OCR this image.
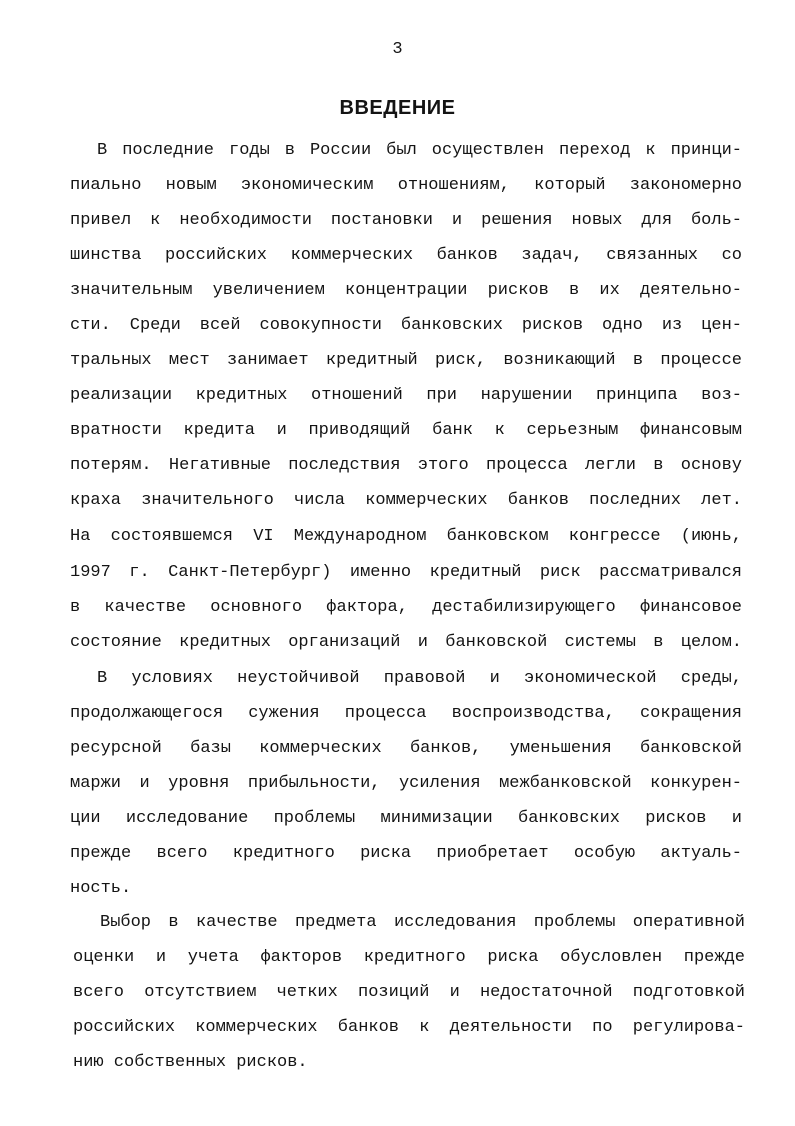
3
ВВЕДЕНИЕ
В последние годы в России был осуществлен переход к принци-
пиально новым экономическим отношениям, который закономерно
привел к необходимости постановки и решения новых для боль-
шинства российских коммерческих банков задач, связанных со
значительным увеличением концентрации рисков в их деятельно-
сти. Среди всей совокупности банковских рисков одно из цен-
тральных мест занимает кредитный риск, возникающий в процессе
реализации кредитных отношений при нарушении принципа воз-
вратности кредита и приводящий банк к серьезным финансовым
потерям. Негативные последствия этого процесса легли в основу
краха значительного числа коммерческих банков последних лет.
На состоявшемся VI Международном банковском конгрессе (июнь,
1997 г. Санкт-Петербург) именно кредитный риск рассматривался
в качестве основного фактора, дестабилизирующего финансовое
состояние кредитных организаций и банковской системы в целом.
В условиях неустойчивой правовой и экономической среды,
продолжающегося сужения процесса воспроизводства, сокращения
ресурсной базы коммерческих банков, уменьшения банковской
маржи и уровня прибыльности, усиления межбанковской конкурен-
ции исследование проблемы минимизации банковских рисков и
прежде всего кредитного риска приобретает особую актуаль-
ность.
Выбор в качестве предмета исследования проблемы оперативной
оценки и учета факторов кредитного риска обусловлен прежде
всего отсутствием четких позиций и недостаточной подготовкой
российских коммерческих банков к деятельности по регулирова-
нию собственных рисков.
